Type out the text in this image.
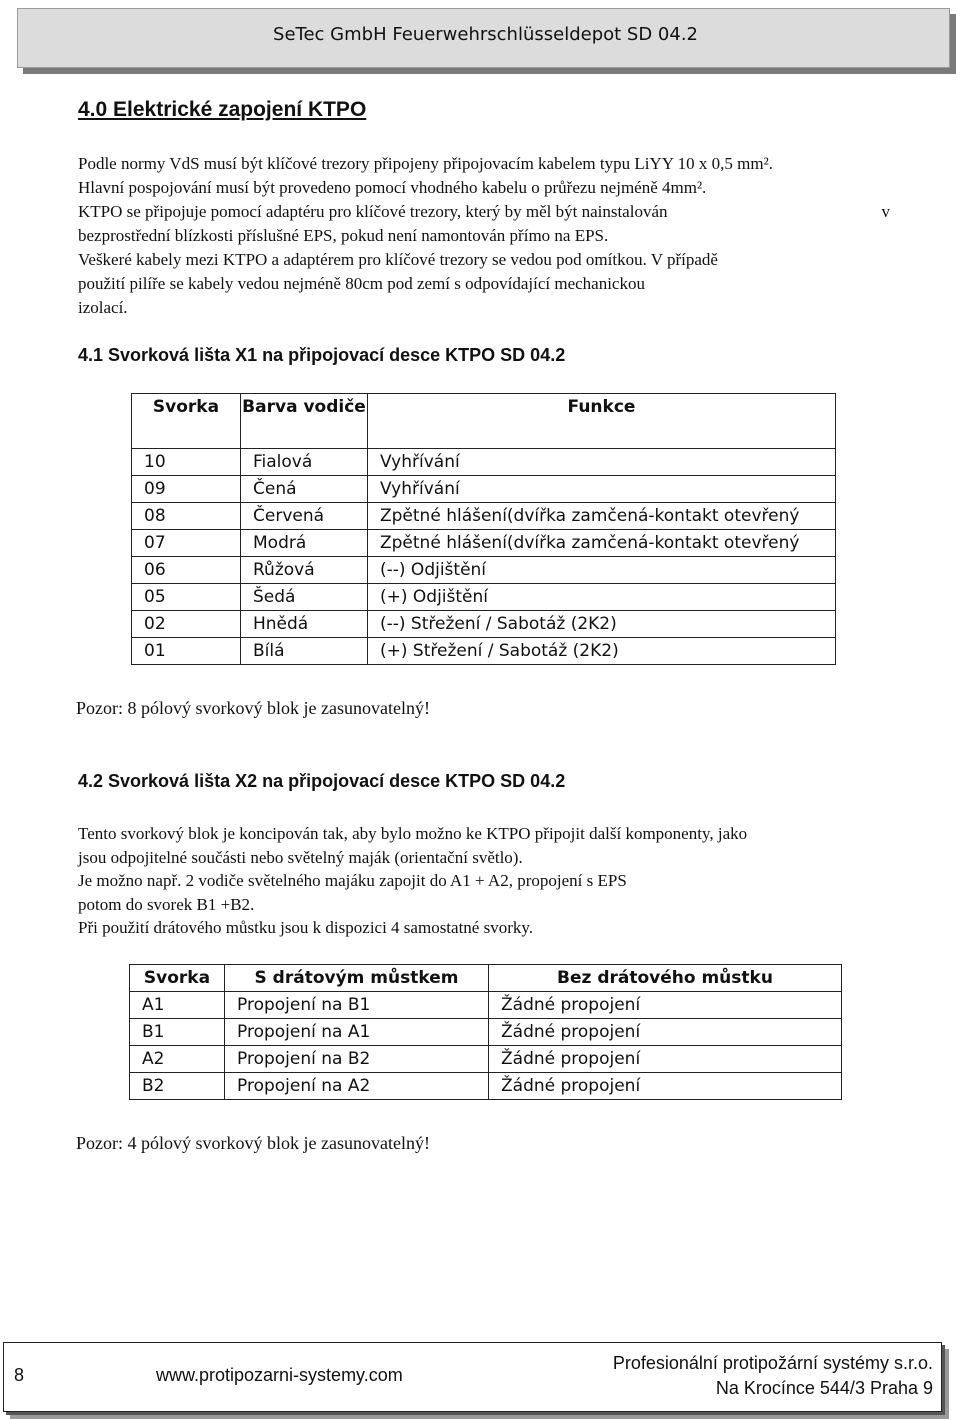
SeTec GmbH Feuerwehrschlüsseldepot SD 04.2
4.0 Elektrické zapojení KTPO
Podle normy VdS musí být klíčové trezory připojeny připojovacím kabelem typu LiYY 10 x 0,5 mm².
Hlavní pospojování musí být provedeno pomocí vhodného kabelu o průřezu nejméně 4mm².
KTPO se připojuje pomocí adaptéru pro klíčové trezory, který by měl být nainstalován	v
bezprostřední blízkosti příslušné EPS, pokud není namontován přímo na EPS.
Veškeré kabely mezi KTPO a adaptérem pro klíčové trezory se vedou pod omítkou. V případě
použití pilíře se kabely vedou nejméně 80cm pod zemí s odpovídající mechanickou
izolací.
4.1 Svorková lišta X1 na připojovací desce KTPO SD 04.2
Svorka	Barva vodiče	Funkce
10	Fialová	Vyhřívání
09	Čená	Vyhřívání
08	Červená	Zpětné hlášení(dvířka zamčená-kontakt otevřený
07	Modrá	Zpětné hlášení(dvířka zamčená-kontakt otevřený
06	Růžová	(--) Odjištění
05	Šedá	(+) Odjištění
02	Hnědá	(--) Střežení / Sabotáž (2K2)
01	Bílá	(+) Střežení / Sabotáž (2K2)
Pozor: 8 pólový svorkový blok je zasunovatelný!
4.2 Svorková lišta X2 na připojovací desce KTPO SD 04.2
Tento svorkový blok je koncipován tak, aby bylo možno ke KTPO připojit další komponenty, jako
jsou odpojitelné součásti nebo světelný maják (orientační světlo).
Je možno např. 2 vodiče světelného majáku zapojit do A1 + A2, propojení s EPS
potom do svorek B1 +B2.
Při použití drátového můstku jsou k dispozici 4 samostatné svorky.
Svorka	S drátovým můstkem	Bez drátového můstku
A1	Propojení na B1	Žádné propojení
B1	Propojení na A1	Žádné propojení
A2	Propojení na B2	Žádné propojení
B2	Propojení na A2	Žádné propojení
Pozor: 4 pólový svorkový blok je zasunovatelný!
8	www.protipozarni-systemy.com
Profesionální protipožární systémy s.r.o.
Na Krocínce 544/3 Praha 9
